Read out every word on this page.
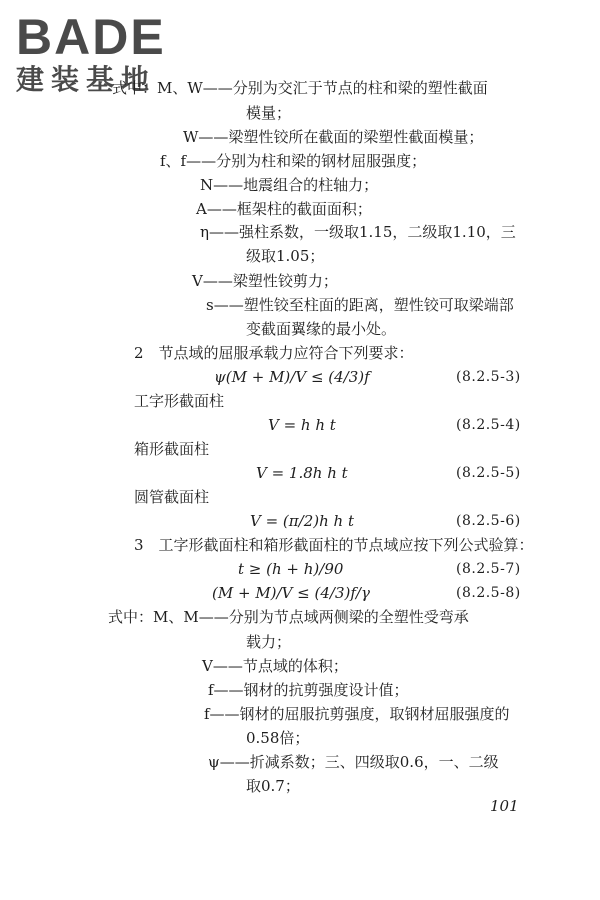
BADE
建装基地
式中：M、W——分别为交汇于节点的柱和梁的塑性截面
模量；
W——梁塑性铰所在截面的梁塑性截面模量；
f、f——分别为柱和梁的钢材屈服强度；
N——地震组合的柱轴力；
A——框架柱的截面面积；
η——强柱系数，一级取1.15，二级取1.10，三
级取1.05；
V——梁塑性铰剪力；
s——塑性铰至柱面的距离，塑性铰可取梁端部
变截面翼缘的最小处。
2　节点域的屈服承载力应符合下列要求：
ψ(M + M)/V ≤ (4/3)f	(8.2.5-3)
工字形截面柱
V = h h t	(8.2.5-4)
箱形截面柱
V = 1.8h h t	(8.2.5-5)
圆管截面柱
V = (π/2)h h t	(8.2.5-6)
3　工字形截面柱和箱形截面柱的节点域应按下列公式验算：
t ≥ (h + h)/90	(8.2.5-7)
(M + M)/V ≤ (4/3)f/γ	(8.2.5-8)
式中：M、M——分别为节点域两侧梁的全塑性受弯承
载力；
V——节点域的体积；
f——钢材的抗剪强度设计值；
f——钢材的屈服抗剪强度，取钢材屈服强度的
0.58倍；
ψ——折减系数；三、四级取0.6，一、二级
取0.7；
101
